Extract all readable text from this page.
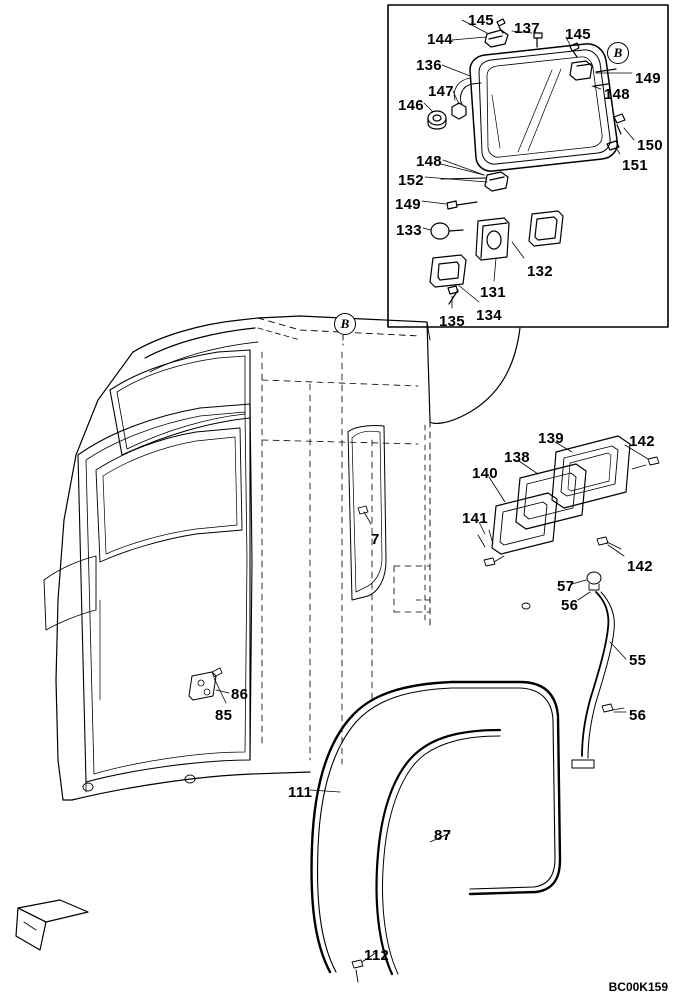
145 137 145
144
149
136
148
147
146
150
151
148
152
149
133
132
131
134
135
139	142
138
140
141
142
57
56
7
55
56
86
85
111
87
112
B
B
BC00K159
